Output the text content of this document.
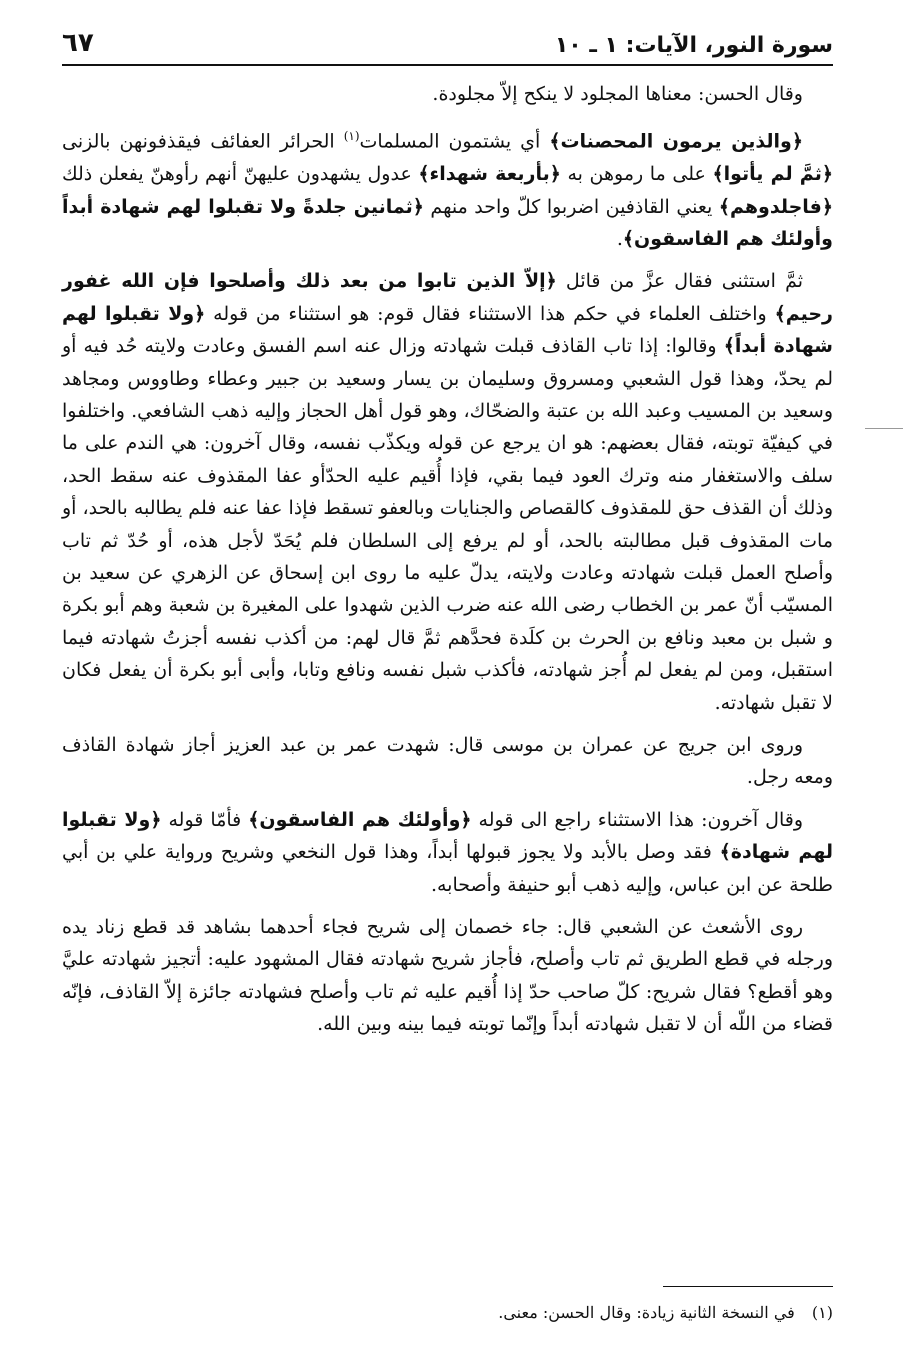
سورة النور، الآيات: ١ ـ ١٠
٦٧

وقال الحسن: معناها المجلود لا ينكح إلاّ مجلودة.

﴿والذين يرمون المحصنات﴾ أي يشتمون المسلمات$^{(١)}$ الحرائر العفائف فيقذفونهن بالزنى ﴿ثمَّ لم يأتوا﴾ على ما رموهن به ﴿بأربعة شهداء﴾ عدول يشهدون عليهنّ أنهم رأوهنّ يفعلن ذلك ﴿فاجلدوهم﴾ يعني القاذفين اضربوا كلّ واحد منهم ﴿ثمانين جلدةً ولا تقبلوا لهم شهادة أبداً وأولئك هم الفاسقون﴾.

ثمَّ استثنى فقال عزَّ من قائل ﴿إلاّ الذين تابوا من بعد ذلك وأصلحوا فإن الله غفور رحيم﴾ واختلف العلماء في حكم هذا الاستثناء فقال قوم: هو استثناء من قوله ﴿ولا تقبلوا لهم شهادة أبداً﴾ وقالوا: إذا تاب القاذف قبلت شهادته وزال عنه اسم الفسق وعادت ولايته حُد فيه أو لم يحدّ، وهذا قول الشعبي ومسروق وسليمان بن يسار وسعيد بن جبير وعطاء وطاووس ومجاهد وسعيد بن المسيب وعبد الله بن عتبة والضحّاك، وهو قول أهل الحجاز وإليه ذهب الشافعي. واختلفوا في كيفيّة توبته، فقال بعضهم: هو ان يرجع عن قوله ويكذّب نفسه، وقال آخرون: هي الندم على ما سلف والاستغفار منه وترك العود فيما بقي، فإذا أُقيم عليه الحدّأو عفا المقذوف عنه سقط الحد، وذلك أن القذف حق للمقذوف كالقصاص والجنايات وبالعفو تسقط فإذا عفا عنه فلم يطالبه بالحد، أو مات المقذوف قبل مطالبته بالحد، أو لم يرفع إلى السلطان فلم يُحَدّ لأجل هذه، أو حُدّ ثم تاب وأصلح العمل قبلت شهادته وعادت ولايته، يدلّ عليه ما روى ابن إسحاق عن الزهري عن سعيد بن المسيّب أنّ عمر بن الخطاب رضى الله عنه ضرب الذين شهدوا على المغيرة بن شعبة وهم أبو بكرة و شبل بن معبد ونافع بن الحرث بن كلَدة فحدَّهم ثمَّ قال لهم: من أكذب نفسه أجزتُ شهادته فيما استقبل، ومن لم يفعل لم أُجز شهادته، فأكذب شبل نفسه ونافع وتابا، وأبى أبو بكرة أن يفعل فكان لا تقبل شهادته.

وروى ابن جريج عن عمران بن موسى قال: شهدت عمر بن عبد العزيز أجاز شهادة القاذف ومعه رجل.

وقال آخرون: هذا الاستثناء راجع الى قوله ﴿وأولئك هم الفاسقون﴾ فأمّا قوله ﴿ولا تقبلوا لهم شهادة﴾ فقد وصل بالأبد ولا يجوز قبولها أبداً، وهذا قول النخعي وشريح ورواية علي بن أبي طلحة عن ابن عباس، وإليه ذهب أبو حنيفة وأصحابه.

روى الأشعث عن الشعبي قال: جاء خصمان إلى شريح فجاء أحدهما بشاهد قد قطع زناد يده ورجله في قطع الطريق ثم تاب وأصلح، فأجاز شريح شهادته فقال المشهود عليه: أتجيز شهادته عليَّ وهو أقطع؟ فقال شريح: كلّ صاحب حدّ إذا أُقيم عليه ثم تاب وأصلح فشهادته جائزة إلاّ القاذف، فإنّه قضاء من اللّه أن لا تقبل شهادته أبداً وإنّما توبته فيما بينه وبين الله.

(١) في النسخة الثانية زيادة: وقال الحسن: معنى.
